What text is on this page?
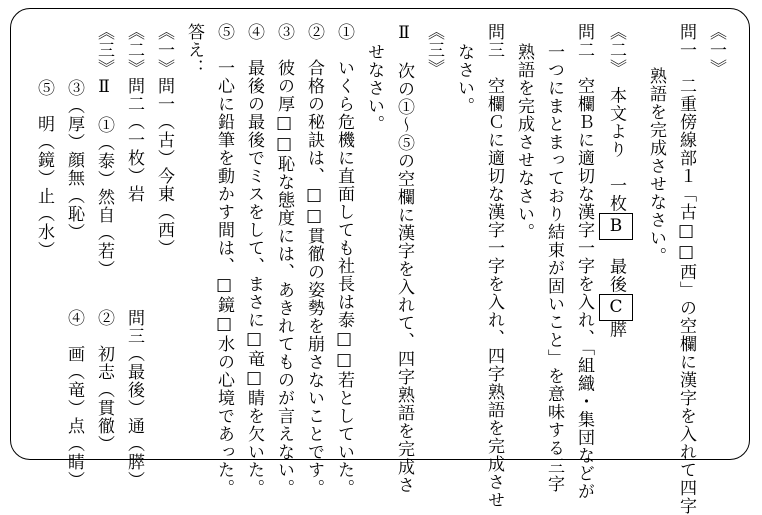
《一》
問一　二重傍線部１「古□□西」の空欄に漢字を入れて四字
熟語を完成させなさい。
《二》　本文より　一枚B　最後C膵
問二　空欄Ｂに適切な漢字一字を入れ、「組織・集団などが
一つにまとまっており結束が固いこと」を意味する三字
熟語を完成させなさい。
問三　空欄Ｃに適切な漢字一字を入れ、四字熟語を完成させ
なさい。
《三》
Ⅱ　次の①〜⑤の空欄に漢字を入れて、四字熟語を完成さ
せなさい。
①　いくら危機に直面しても社長は泰□□若としていた。
②　合格の秘訣は、□□貫徹の姿勢を崩さないことです。
③　彼の厚□□恥な態度には、あきれてものが言えない。
④　最後の最後でミスをして、まさに□竜□睛を欠いた。
⑤　一心に鉛筆を動かす間は、□鏡□水の心境であった。
答え：
《一》問一（古）今東（西）
《二》問二（一枚）岩
問三（最後）通（膵）
《三》Ⅱ　①（泰）然自（若）
②　初志（貫徹）
③（厚）顔無（恥）
④　画（竜）点（睛）
⑤　明（鏡）止（水）
